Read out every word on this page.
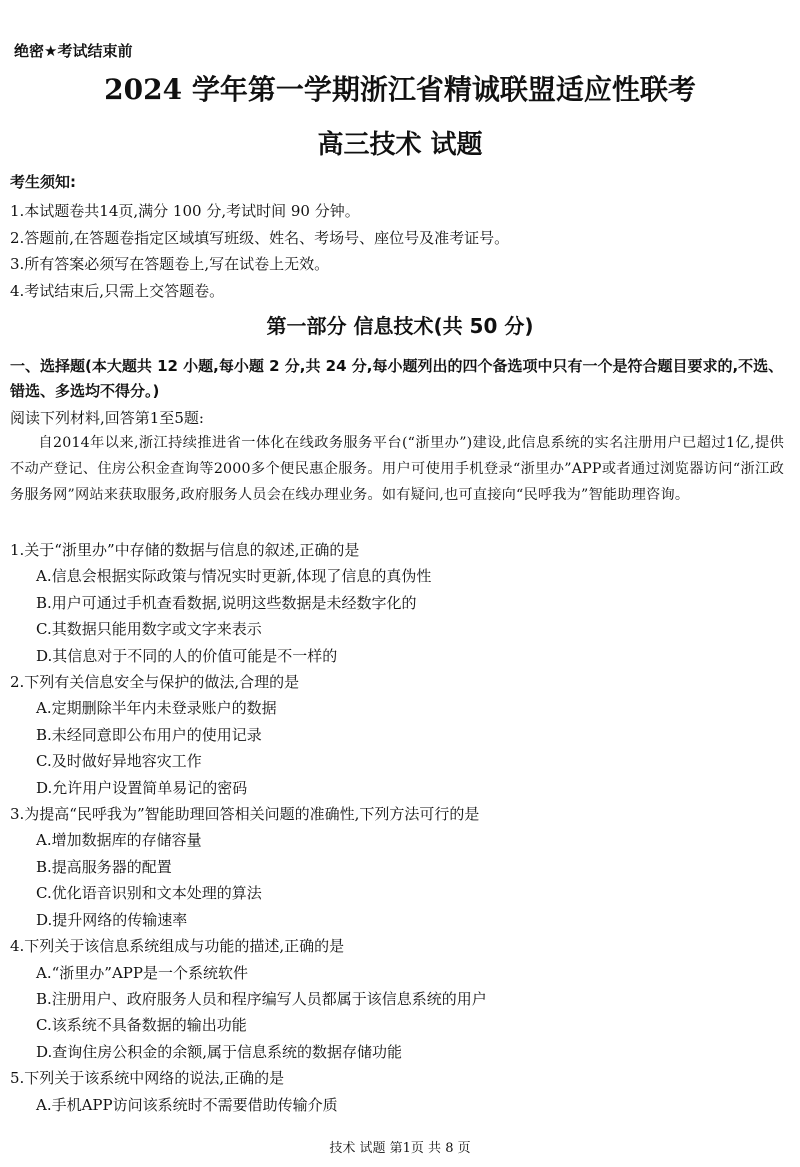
绝密★考试结束前
2024 学年第一学期浙江省精诚联盟适应性联考
高三技术 试题
考生须知:
1.本试题卷共14页,满分 100 分,考试时间 90 分钟。
2.答题前,在答题卷指定区域填写班级、姓名、考场号、座位号及准考证号。
3.所有答案必须写在答题卷上,写在试卷上无效。
4.考试结束后,只需上交答题卷。
第一部分 信息技术(共 50 分)
一、选择题(本大题共 12 小题,每小题 2 分,共 24 分,每小题列出的四个备选项中只有一个是符合题目要求的,不选、错选、多选均不得分。)
阅读下列材料,回答第1至5题:
自2014年以来,浙江持续推进省一体化在线政务服务平台(“浙里办”)建设,此信息系统的实名注册用户已超过1亿,提供不动产登记、住房公积金查询等2000多个便民惠企服务。用户可使用手机登录“浙里办”APP或者通过浏览器访问“浙江政务服务网”网站来获取服务,政府服务人员会在线办理业务。如有疑问,也可直接向“民呼我为”智能助理咨询。

1.关于“浙里办”中存储的数据与信息的叙述,正确的是

A.信息会根据实际政策与情况实时更新,体现了信息的真伪性

B.用户可通过手机查看数据,说明这些数据是未经数字化的

C.其数据只能用数字或文字来表示

D.其信息对于不同的人的价值可能是不一样的

2.下列有关信息安全与保护的做法,合理的是

A.定期删除半年内未登录账户的数据

B.未经同意即公布用户的使用记录

C.及时做好异地容灾工作

D.允许用户设置简单易记的密码

3.为提高“民呼我为”智能助理回答相关问题的准确性,下列方法可行的是

A.增加数据库的存储容量

B.提高服务器的配置

C.优化语音识别和文本处理的算法

D.提升网络的传输速率

4.下列关于该信息系统组成与功能的描述,正确的是

A.“浙里办”APP是一个系统软件

B.注册用户、政府服务人员和程序编写人员都属于该信息系统的用户

C.该系统不具备数据的输出功能

D.查询住房公积金的余额,属于信息系统的数据存储功能

5.下列关于该系统中网络的说法,正确的是

A.手机APP访问该系统时不需要借助传输介质

技术 试题 第1页 共 8 页
